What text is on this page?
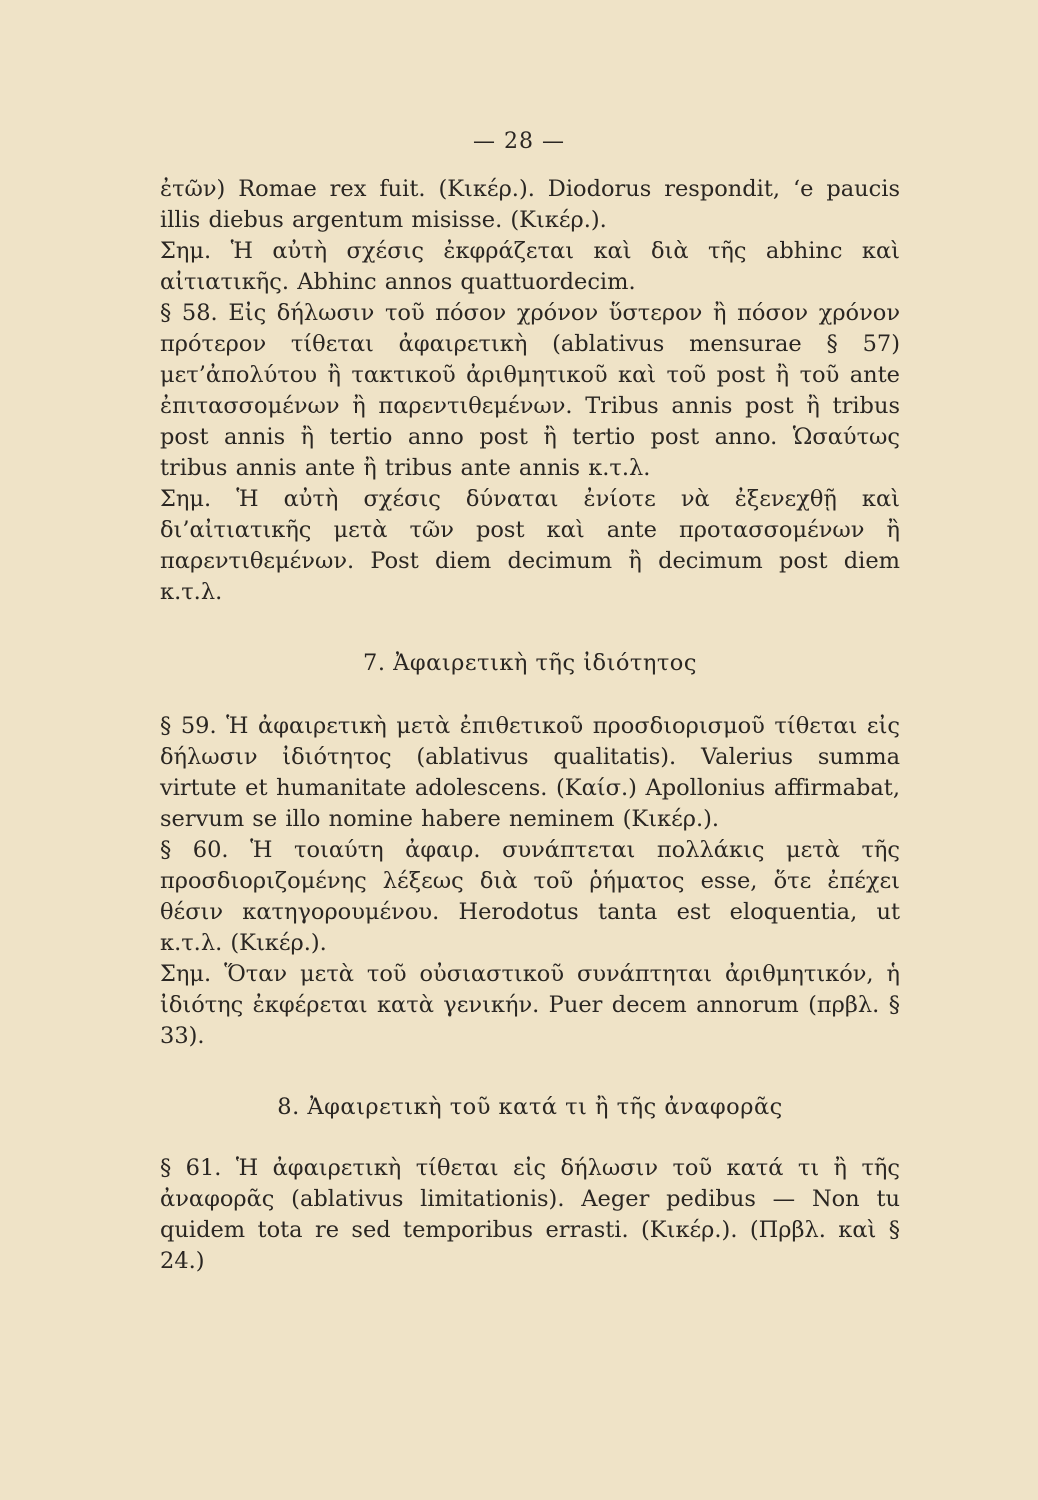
— 28 —

ἐτῶν) Romae rex fuit. (Κικέρ.). Diodorus respondit, ‘e paucis illis diebus argentum misisse. (Κικέρ.).

Σημ. Ἡ αὐτὴ σχέσις ἐκφράζεται καὶ διὰ τῆς abhinc καὶ αἰτιατικῆς. Abhinc annos quattuordecim.

§ 58. Εἰς δήλωσιν τοῦ πόσον χρόνον ὕστερον ἢ πόσον χρόνον πρότερον τίθεται ἀφαιρετικὴ (ablativus mensurae § 57) μετ’ἀπολύτου ἢ τακτικοῦ ἀριθμητικοῦ καὶ τοῦ post ἢ τοῦ ante ἐπιτασσομένων ἢ παρεντιθεμένων. Tribus annis post ἢ tribus post annis ἢ tertio anno post ἢ tertio post anno. Ὡσαύτως tribus annis ante ἢ tribus ante annis κ.τ.λ.

Σημ. Ἡ αὐτὴ σχέσις δύναται ἐνίοτε νὰ ἐξενεχθῇ καὶ δι’αἰτιατικῆς μετὰ τῶν post καὶ ante προτασσομένων ἢ παρεντιθεμένων. Post diem decimum ἢ decimum post diem κ.τ.λ.

7. Ἀφαιρετικὴ τῆς ἰδιότητος

§ 59. Ἡ ἀφαιρετικὴ μετὰ ἐπιθετικοῦ προσδιορισμοῦ τίθεται εἰς δήλωσιν ἰδιότητος (ablativus qualitatis). Valerius summa virtute et humanitate adolescens. (Καίσ.) Apollonius affirmabat, servum se illo nomine habere neminem (Κικέρ.).

§ 60. Ἡ τοιαύτη ἀφαιρ. συνάπτεται πολλάκις μετὰ τῆς προσδιοριζομένης λέξεως διὰ τοῦ ῥήματος esse, ὅτε ἐπέχει θέσιν κατηγορουμένου. Herodotus tanta est eloquentia, ut κ.τ.λ. (Κικέρ.).

Σημ. Ὅταν μετὰ τοῦ οὐσιαστικοῦ συνάπτηται ἀριθμητικόν, ἡ ἰδιότης ἐκφέρεται κατὰ γενικήν. Puer decem annorum (πρβλ. § 33).

8. Ἀφαιρετικὴ τοῦ κατά τι ἢ τῆς ἀναφορᾶς

§ 61. Ἡ ἀφαιρετικὴ τίθεται εἰς δήλωσιν τοῦ κατά τι ἢ τῆς ἀναφορᾶς (ablativus limitationis). Aeger pedibus — Non tu quidem tota re sed temporibus errasti. (Κικέρ.). (Πρβλ. καὶ § 24.)
